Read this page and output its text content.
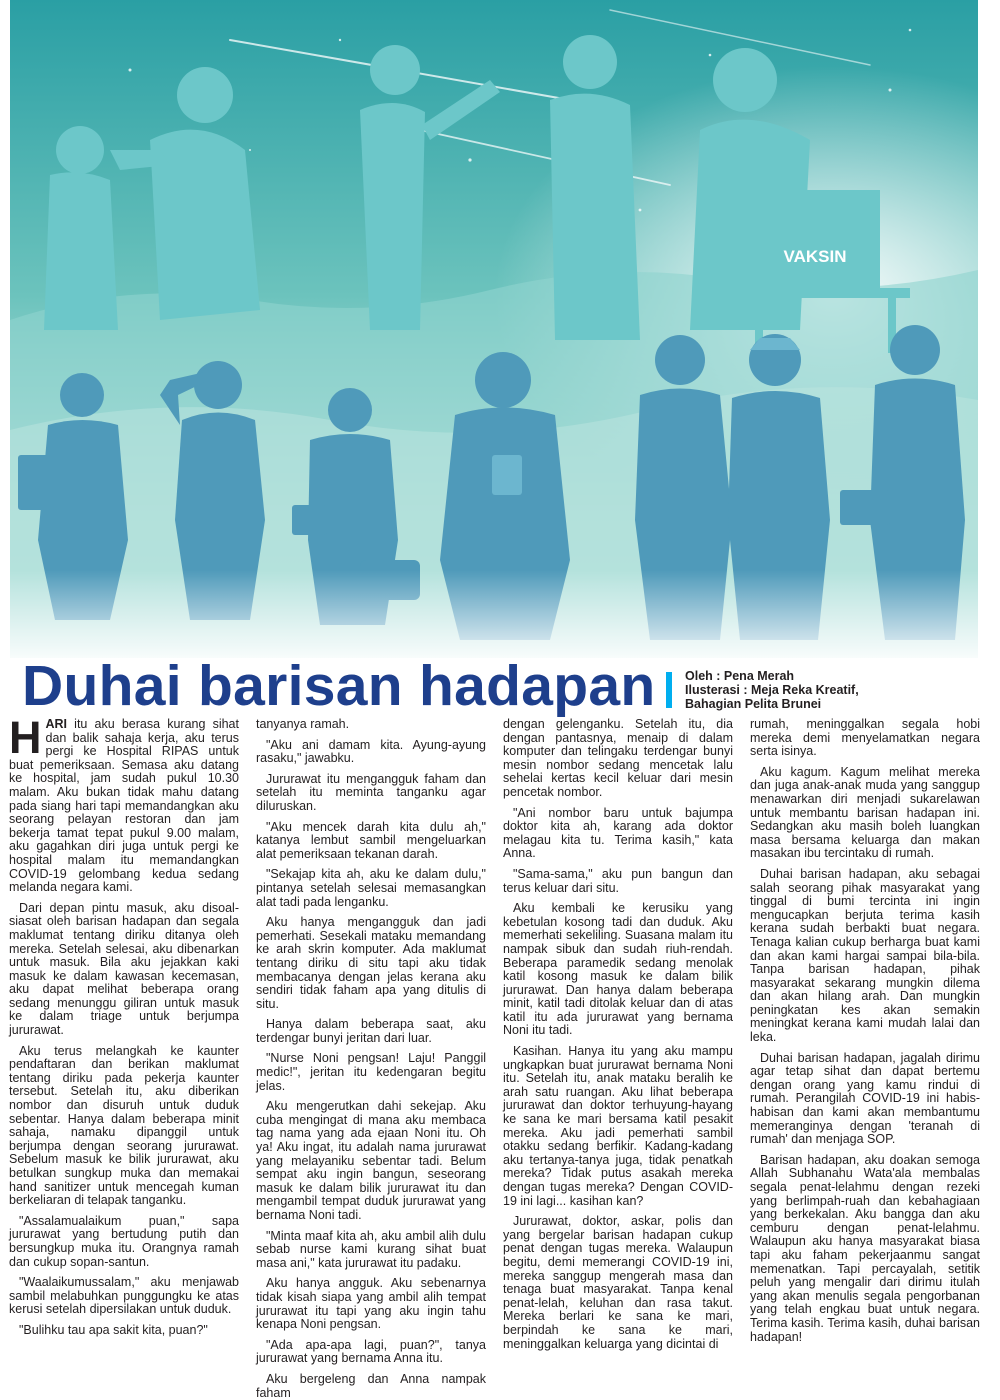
VAKSIN
Duhai barisan hadapan Oleh : Pena Merah
Ilusterasi : Meja Reka Kreatif,
Bahagian Pelita Brunei

HARI itu aku berasa kurang sihat dan balik sahaja kerja, aku terus pergi ke Hospital RIPAS untuk buat pemeriksaan. Semasa aku datang ke hospital, jam sudah pukul 10.30 malam. Aku bukan tidak mahu datang pada siang hari tapi memandangkan aku seorang pelayan restoran dan jam bekerja tamat tepat pukul 9.00 malam, aku gagahkan diri juga untuk pergi ke hospital malam itu memandangkan COVID-19 gelombang kedua sedang melanda negara kami.

Dari depan pintu masuk, aku disoal-siasat oleh barisan hadapan dan segala maklumat tentang diriku ditanya oleh mereka. Setelah selesai, aku dibenarkan untuk masuk. Bila aku jejakkan kaki masuk ke dalam kawasan kecemasan, aku dapat melihat beberapa orang sedang menunggu giliran untuk masuk ke dalam triage untuk berjumpa jururawat.

Aku terus melangkah ke kaunter pendaftaran dan berikan maklumat tentang diriku pada pekerja kaunter tersebut. Setelah itu, aku diberikan nombor dan disuruh untuk duduk sebentar. Hanya dalam beberapa minit sahaja, namaku dipanggil untuk berjumpa dengan seorang jururawat. Sebelum masuk ke bilik jururawat, aku betulkan sungkup muka dan memakai hand sanitizer untuk mencegah kuman berkeliaran di telapak tanganku.

"Assalamualaikum puan," sapa jururawat yang bertudung putih dan bersungkup muka itu. Orangnya ramah dan cukup sopan-santun.

"Waalaikumussalam," aku menjawab sambil melabuhkan punggungku ke atas kerusi setelah dipersilakan untuk duduk.

"Bulihku tau apa sakit kita, puan?"

tanyanya ramah.

"Aku ani damam kita. Ayung-ayung rasaku," jawabku.

Jururawat itu mengangguk faham dan setelah itu meminta tanganku agar diluruskan.

"Aku mencek darah kita dulu ah," katanya lembut sambil mengeluarkan alat pemeriksaan tekanan darah.

"Sekajap kita ah, aku ke dalam dulu," pintanya setelah selesai memasangkan alat tadi pada lenganku.

Aku hanya mengangguk dan jadi pemerhati. Sesekali mataku memandang ke arah skrin komputer. Ada maklumat tentang diriku di situ tapi aku tidak membacanya dengan jelas kerana aku sendiri tidak faham apa yang ditulis di situ.

Hanya dalam beberapa saat, aku terdengar bunyi jeritan dari luar.

"Nurse Noni pengsan! Laju! Panggil medic!", jeritan itu kedengaran begitu jelas.

Aku mengerutkan dahi sekejap. Aku cuba mengingat di mana aku membaca tag nama yang ada ejaan Noni itu. Oh ya! Aku ingat, itu adalah nama jururawat yang melayaniku sebentar tadi. Belum sempat aku ingin bangun, seseorang masuk ke dalam bilik jururawat itu dan mengambil tempat duduk jururawat yang bernama Noni tadi.

"Minta maaf kita ah, aku ambil alih dulu sebab nurse kami kurang sihat buat masa ani," kata jururawat itu padaku.

Aku hanya angguk. Aku sebenarnya tidak kisah siapa yang ambil alih tempat jururawat itu tapi yang aku ingin tahu kenapa Noni pengsan.

"Ada apa-apa lagi, puan?", tanya jururawat yang bernama Anna itu.

Aku bergeleng dan Anna nampak faham

dengan gelenganku. Setelah itu, dia dengan pantasnya, menaip di dalam komputer dan telingaku terdengar bunyi mesin nombor sedang mencetak lalu sehelai kertas kecil keluar dari mesin pencetak nombor.

"Ani nombor baru untuk bajumpa doktor kita ah, karang ada doktor melagau kita tu. Terima kasih," kata Anna.

"Sama-sama," aku pun bangun dan terus keluar dari situ.

Aku kembali ke kerusiku yang kebetulan kosong tadi dan duduk. Aku memerhati sekeliling. Suasana malam itu nampak sibuk dan sudah riuh-rendah. Beberapa paramedik sedang menolak katil kosong masuk ke dalam bilik jururawat. Dan hanya dalam beberapa minit, katil tadi ditolak keluar dan di atas katil itu ada jururawat yang bernama Noni itu tadi.

Kasihan. Hanya itu yang aku mampu ungkapkan buat jururawat bernama Noni itu. Setelah itu, anak mataku beralih ke arah satu ruangan. Aku lihat beberapa jururawat dan doktor terhuyung-hayang ke sana ke mari bersama katil pesakit mereka. Aku jadi pemerhati sambil otakku sedang berfikir. Kadang-kadang aku tertanya-tanya juga, tidak penatkah mereka? Tidak putus asakah mereka dengan tugas mereka? Dengan COVID-19 ini lagi... kasihan kan?

Jururawat, doktor, askar, polis dan yang bergelar barisan hadapan cukup penat dengan tugas mereka. Walaupun begitu, demi memerangi COVID-19 ini, mereka sanggup mengerah masa dan tenaga buat masyarakat. Tanpa kenal penat-lelah, keluhan dan rasa takut. Mereka berlari ke sana ke mari, berpindah ke sana ke mari, meninggalkan keluarga yang dicintai di

rumah, meninggalkan segala hobi mereka demi menyelamatkan negara serta isinya.

Aku kagum. Kagum melihat mereka dan juga anak-anak muda yang sanggup menawarkan diri menjadi sukarelawan untuk membantu barisan hadapan ini. Sedangkan aku masih boleh luangkan masa bersama keluarga dan makan masakan ibu tercintaku di rumah.

Duhai barisan hadapan, aku sebagai salah seorang pihak masyarakat yang tinggal di bumi tercinta ini ingin mengucapkan berjuta terima kasih kerana sudah berbakti buat negara. Tenaga kalian cukup berharga buat kami dan akan kami hargai sampai bila-bila. Tanpa barisan hadapan, pihak masyarakat sekarang mungkin dilema dan akan hilang arah. Dan mungkin peningkatan kes akan semakin meningkat kerana kami mudah lalai dan leka.

Duhai barisan hadapan, jagalah dirimu agar tetap sihat dan dapat bertemu dengan orang yang kamu rindui di rumah. Perangilah COVID-19 ini habis-habisan dan kami akan membantumu memeranginya dengan 'teranah di rumah' dan menjaga SOP.

Barisan hadapan, aku doakan semoga Allah Subhanahu Wata'ala membalas segala penat-lelahmu dengan rezeki yang berlimpah-ruah dan kebahagiaan yang berkekalan. Aku bangga dan aku cemburu dengan penat-lelahmu. Walaupun aku hanya masyarakat biasa tapi aku faham pekerjaanmu sangat memenatkan. Tapi percayalah, setitik peluh yang mengalir dari dirimu itulah yang akan menulis segala pengorbanan yang telah engkau buat untuk negara. Terima kasih. Terima kasih, duhai barisan hadapan!
